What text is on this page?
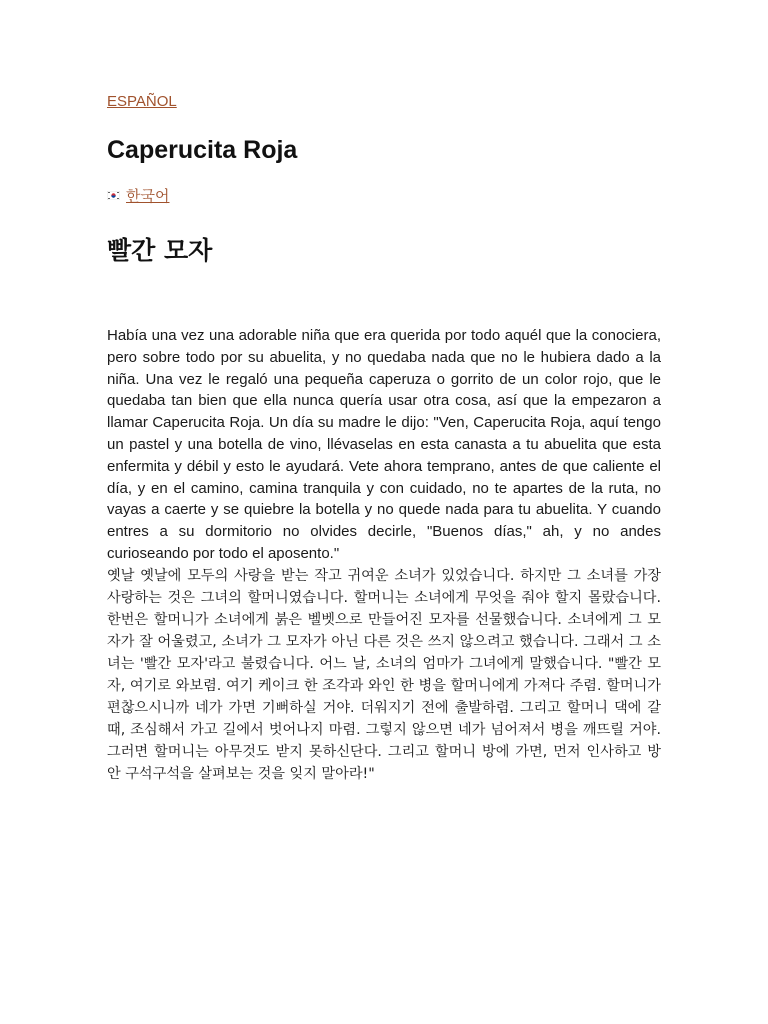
ESPAÑOL
Caperucita Roja
한국어
빨간 모자

Había una vez una adorable niña que era querida por todo aquél que la conociera, pero sobre todo por su abuelita, y no quedaba nada que no le hubiera dado a la niña. Una vez le regaló una pequeña caperuza o gorrito de un color rojo, que le quedaba tan bien que ella nunca quería usar otra cosa, así que la empezaron a llamar Caperucita Roja. Un día su madre le dijo: "Ven, Caperucita Roja, aquí tengo un pastel y una botella de vino, llévaselas en esta canasta a tu abuelita que esta enfermita y débil y esto le ayudará. Vete ahora temprano, antes de que caliente el día, y en el camino, camina tranquila y con cuidado, no te apartes de la ruta, no vayas a caerte y se quiebre la botella y no quede nada para tu abuelita. Y cuando entres a su dormitorio no olvides decirle, "Buenos días," ah, y no andes curioseando por todo el aposento."

옛날 옛날에 모두의 사랑을 받는 작고 귀여운 소녀가 있었습니다. 하지만 그 소녀를 가장 사랑하는 것은 그녀의 할머니였습니다. 할머니는 소녀에게 무엇을 줘야 할지 몰랐습니다. 한번은 할머니가 소녀에게 붉은 벨벳으로 만들어진 모자를 선물했습니다. 소녀에게 그 모자가 잘 어울렸고, 소녀가 그 모자가 아닌 다른 것은 쓰지 않으려고 했습니다. 그래서 그 소녀는 '빨간 모자'라고 불렸습니다. 어느 날, 소녀의 엄마가 그녀에게 말했습니다. "빨간 모자, 여기로 와보렴. 여기 케이크 한 조각과 와인 한 병을 할머니에게 가져다 주렴. 할머니가 편찮으시니까 네가 가면 기뻐하실 거야. 더워지기 전에 출발하렴. 그리고 할머니 댁에 갈 때, 조심해서 가고 길에서 벗어나지 마렴. 그렇지 않으면 네가 넘어져서 병을 깨뜨릴 거야. 그러면 할머니는 아무것도 받지 못하신단다. 그리고 할머니 방에 가면, 먼저 인사하고 방 안 구석구석을 살펴보는 것을 잊지 말아라!"
